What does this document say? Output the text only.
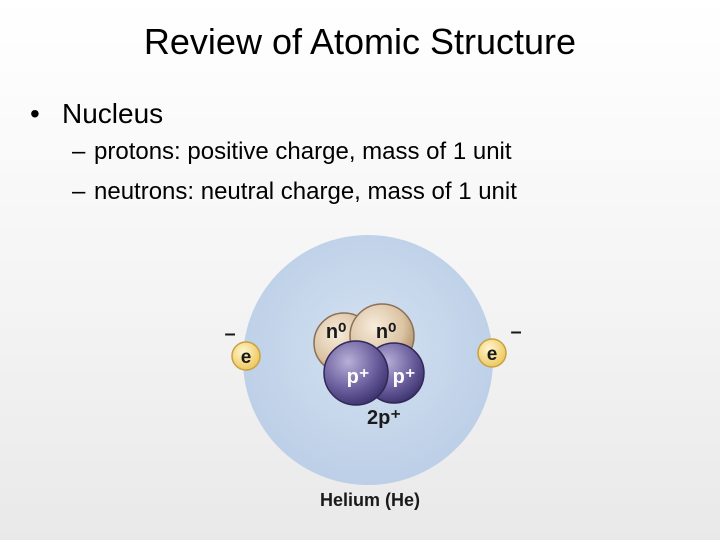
Review of Atomic Structure
• Nucleus
– protons: positive charge, mass of 1 unit
– neutrons: neutral charge, mass of 1 unit
n⁰ n⁰
p⁺ p⁺
2p⁺
e
–
e
–
Helium (He)
